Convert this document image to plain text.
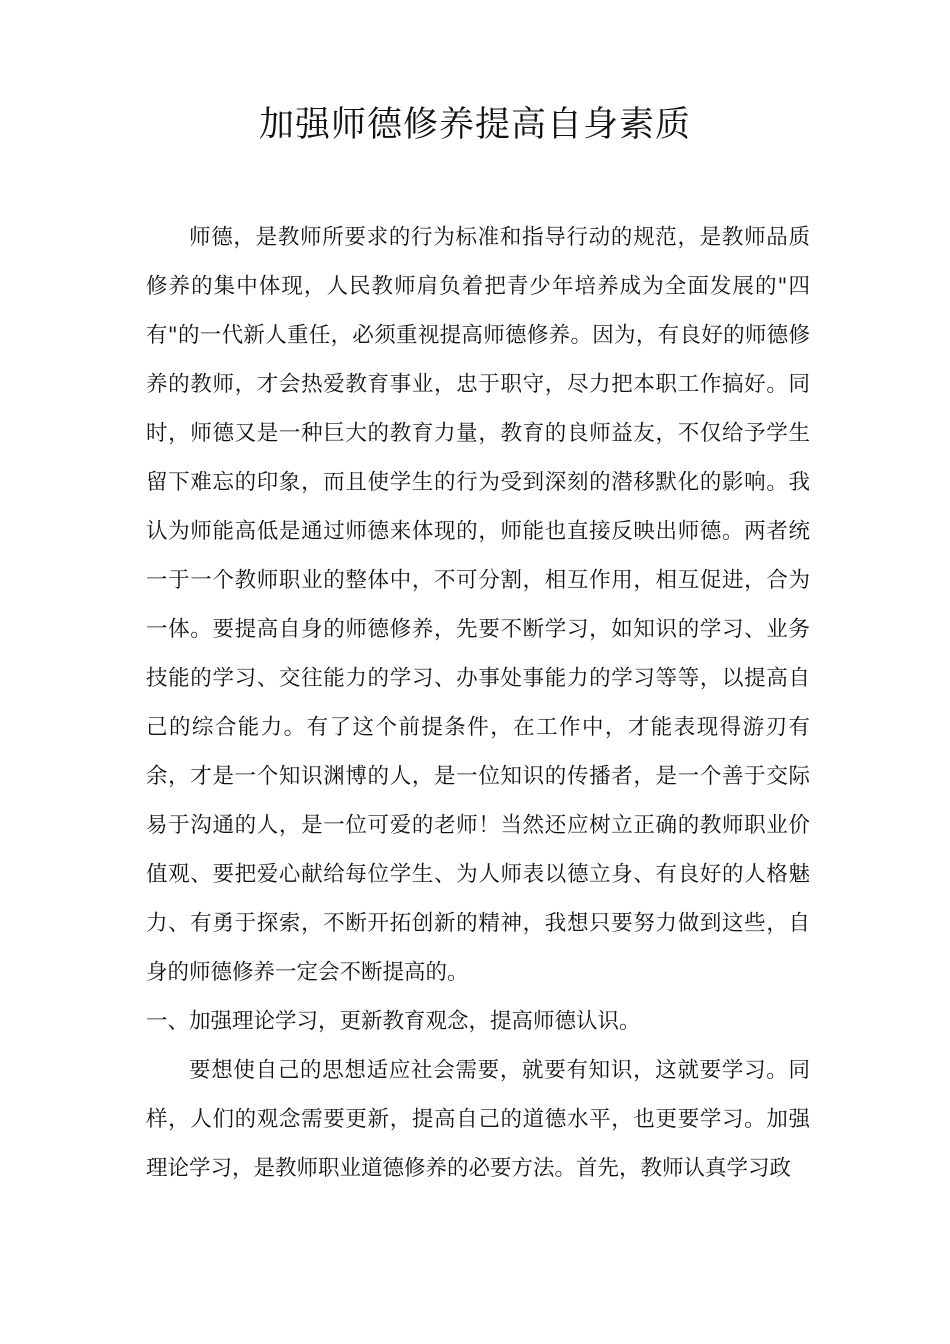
加强师德修养提高自身素质

师德，是教师所要求的行为标准和指导行动的规范，是教师品质修养的集中体现，人民教师肩负着把青少年培养成为全面发展的"四有"的一代新人重任，必须重视提高师德修养。因为，有良好的师德修养的教师，才会热爱教育事业，忠于职守，尽力把本职工作搞好。同时，师德又是一种巨大的教育力量，教育的良师益友，不仅给予学生留下难忘的印象，而且使学生的行为受到深刻的潜移默化的影响。我认为师能高低是通过师德来体现的，师能也直接反映出师德。两者统一于一个教师职业的整体中，不可分割，相互作用，相互促进，合为一体。要提高自身的师德修养，先要不断学习，如知识的学习、业务技能的学习、交往能力的学习、办事处事能力的学习等等，以提高自己的综合能力。有了这个前提条件，在工作中，才能表现得游刃有余，才是一个知识渊博的人，是一位知识的传播者，是一个善于交际易于沟通的人，是一位可爱的老师！当然还应树立正确的教师职业价值观、要把爱心献给每位学生、为人师表以德立身、有良好的人格魅力、有勇于探索，不断开拓创新的精神，我想只要努力做到这些，自身的师德修养一定会不断提高的。

一、加强理论学习，更新教育观念，提高师德认识。

要想使自己的思想适应社会需要，就要有知识，这就要学习。同样，人们的观念需要更新，提高自己的道德水平，也更要学习。加强理论学习，是教师职业道德修养的必要方法。首先，教师认真学习政
